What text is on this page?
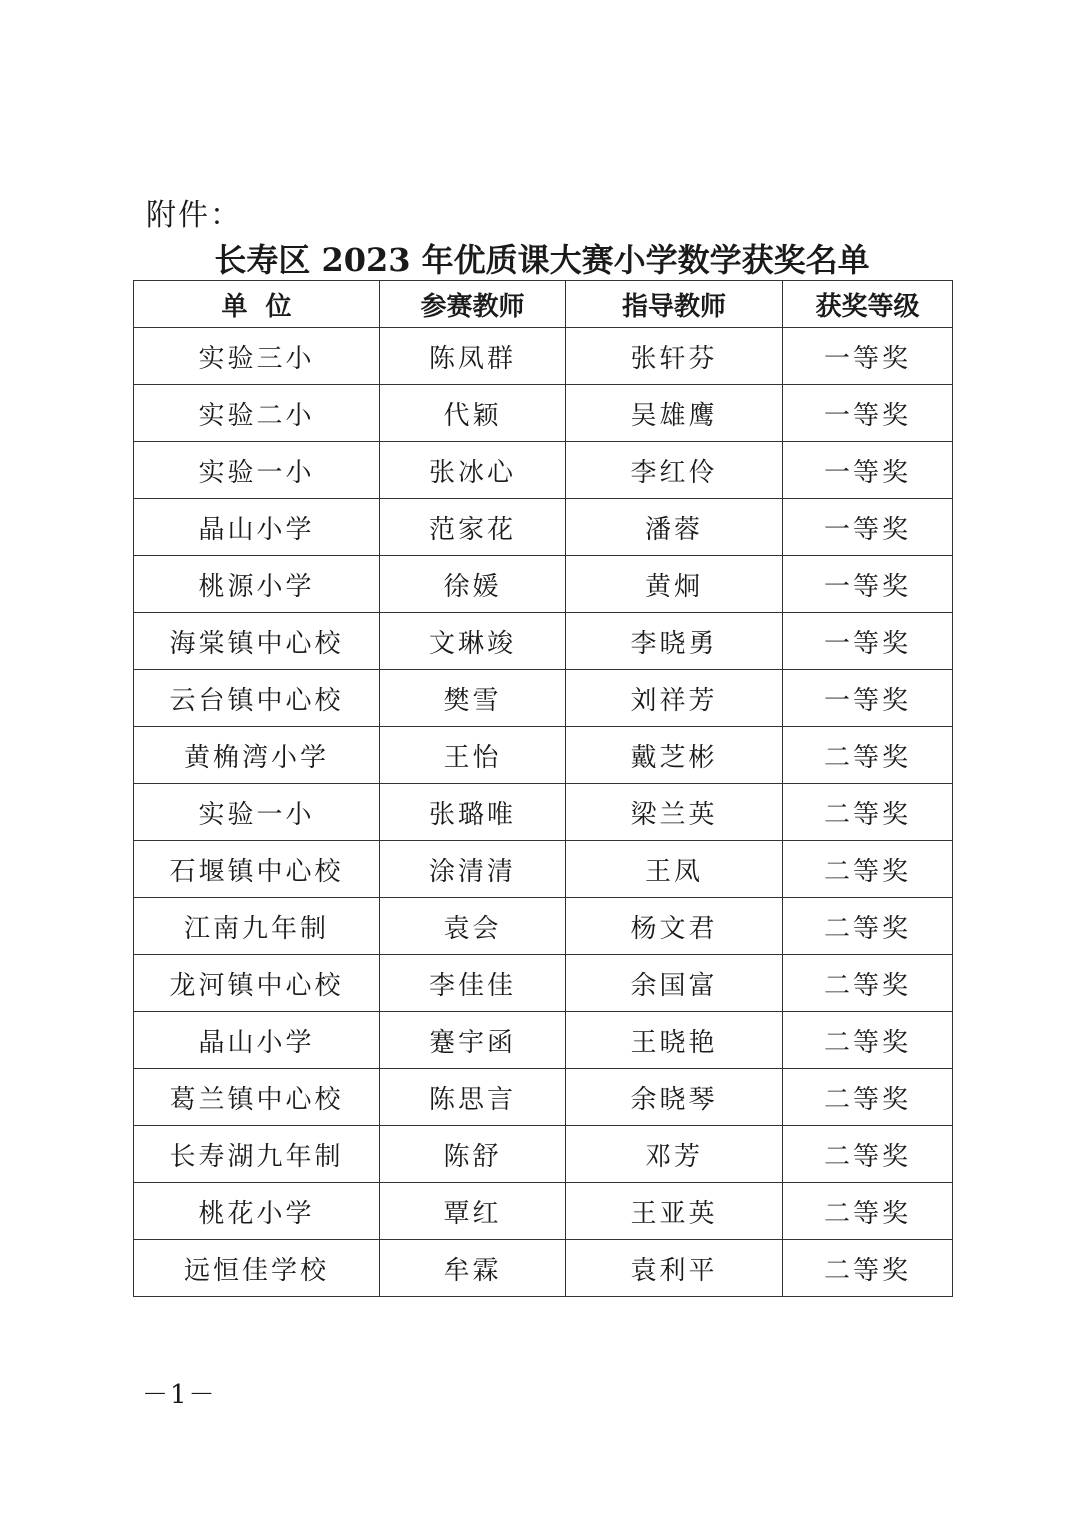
附件：
长寿区 2023 年优质课大赛小学数学获奖名单
单  位	参赛教师	指导教师	获奖等级
实验三小	陈凤群	张轩芬	一等奖
实验二小	代颖	吴雄鹰	一等奖
实验一小	张冰心	李红伶	一等奖
晶山小学	范家花	潘蓉	一等奖
桃源小学	徐媛	黄炯	一等奖
海棠镇中心校	文琳竣	李晓勇	一等奖
云台镇中心校	樊雪	刘祥芳	一等奖
黄桷湾小学	王怡	戴芝彬	二等奖
实验一小	张璐唯	梁兰英	二等奖
石堰镇中心校	涂清清	王凤	二等奖
江南九年制	袁会	杨文君	二等奖
龙河镇中心校	李佳佳	余国富	二等奖
晶山小学	蹇宇函	王晓艳	二等奖
葛兰镇中心校	陈思言	余晓琴	二等奖
长寿湖九年制	陈舒	邓芳	二等奖
桃花小学	覃红	王亚英	二等奖
远恒佳学校	牟霖	袁利平	二等奖
－1－
